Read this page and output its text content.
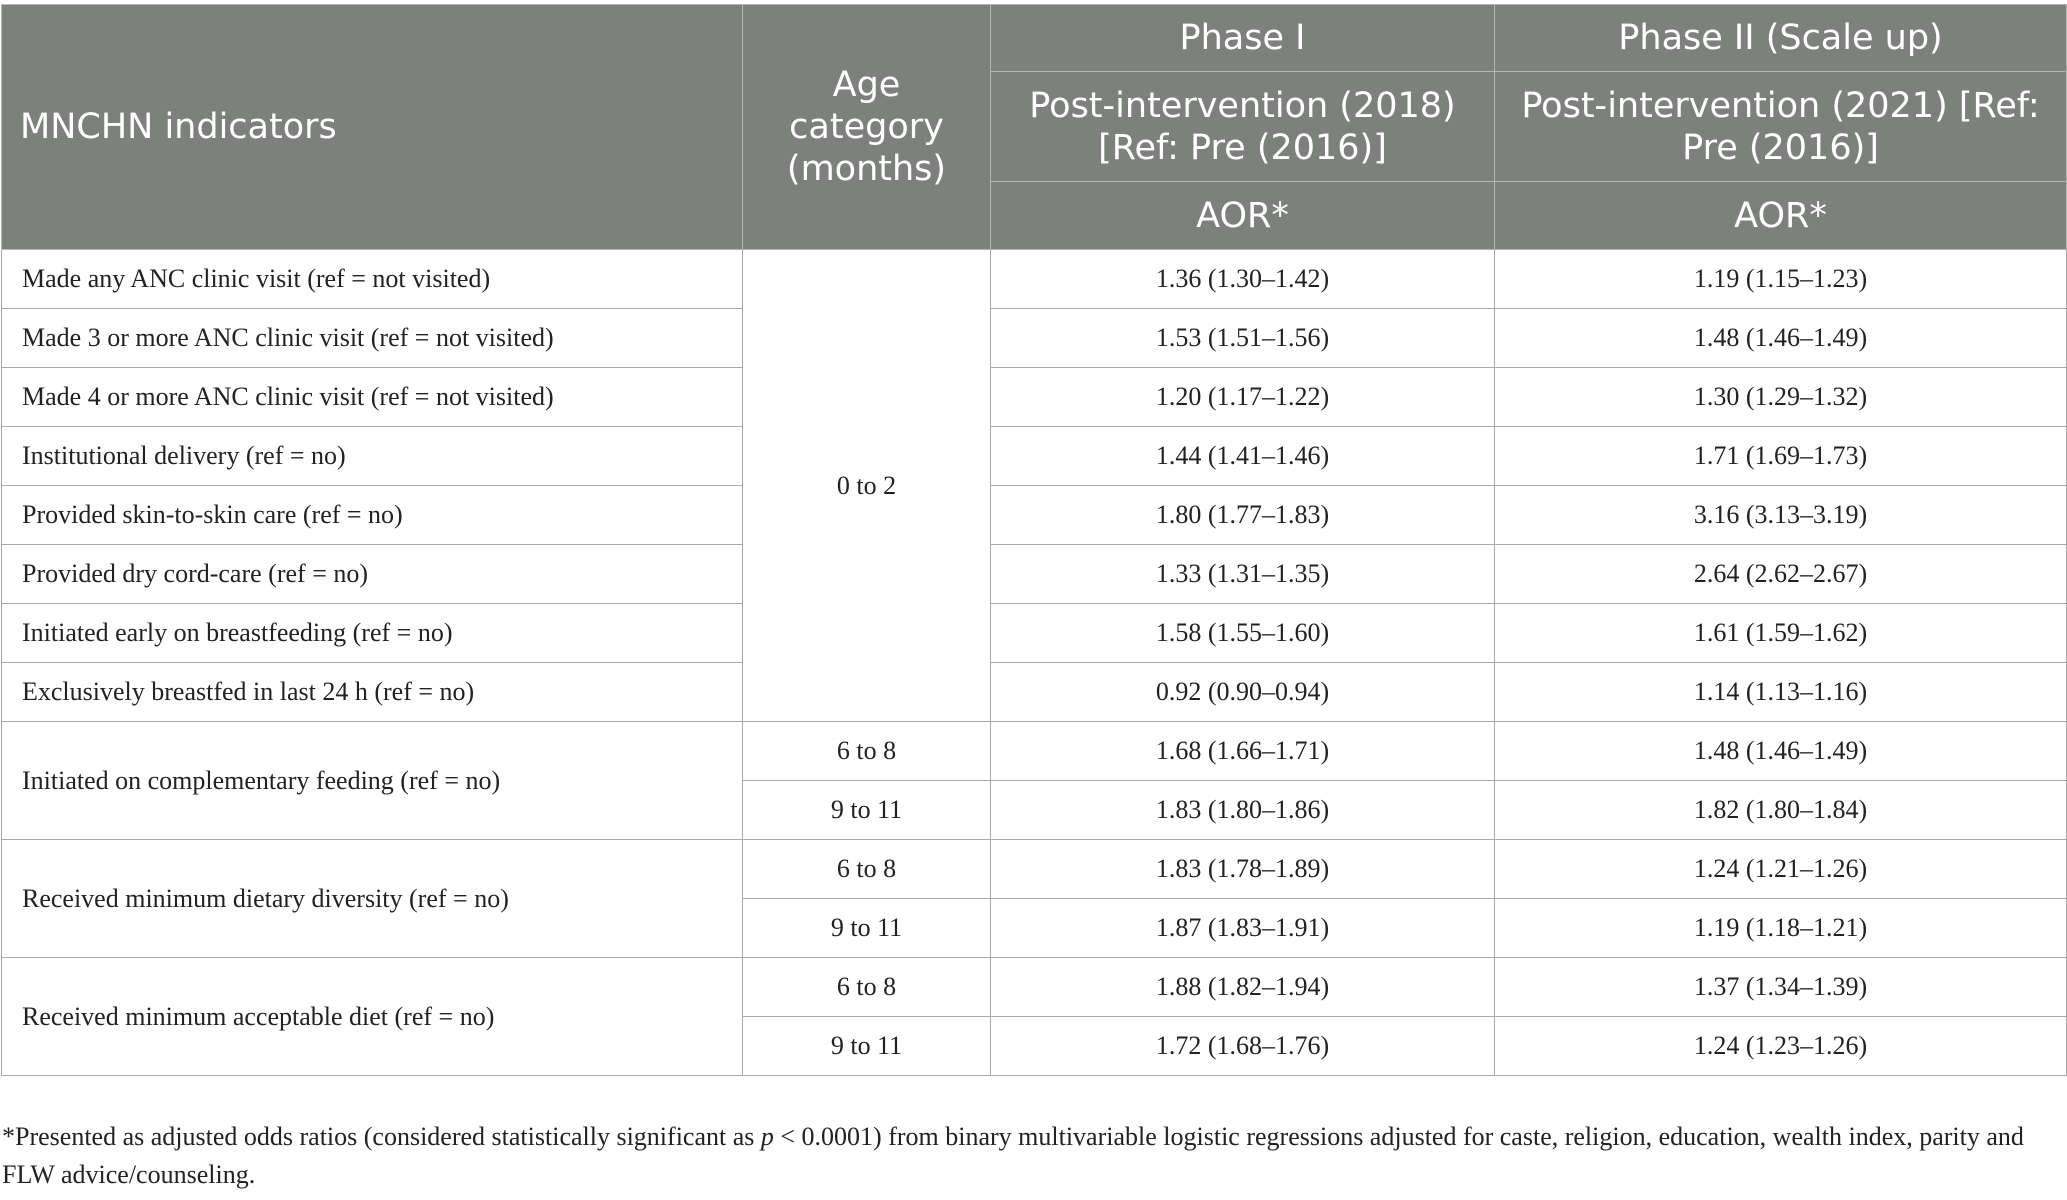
MNCHN indicators	Age category (months)	Phase I	Phase II (Scale up)
		Post-intervention (2018) [Ref: Pre (2016)]	Post-intervention (2021) [Ref: Pre (2016)]
		AOR*	AOR*
Made any ANC clinic visit (ref = not visited)	0 to 2	1.36 (1.30–1.42)	1.19 (1.15–1.23)
Made 3 or more ANC clinic visit (ref = not visited)		1.53 (1.51–1.56)	1.48 (1.46–1.49)
Made 4 or more ANC clinic visit (ref = not visited)		1.20 (1.17–1.22)	1.30 (1.29–1.32)
Institutional delivery (ref = no)		1.44 (1.41–1.46)	1.71 (1.69–1.73)
Provided skin-to-skin care (ref = no)		1.80 (1.77–1.83)	3.16 (3.13–3.19)
Provided dry cord-care (ref = no)		1.33 (1.31–1.35)	2.64 (2.62–2.67)
Initiated early on breastfeeding (ref = no)		1.58 (1.55–1.60)	1.61 (1.59–1.62)
Exclusively breastfed in last 24 h (ref = no)		0.92 (0.90–0.94)	1.14 (1.13–1.16)
Initiated on complementary feeding (ref = no)	6 to 8	1.68 (1.66–1.71)	1.48 (1.46–1.49)
	9 to 11	1.83 (1.80–1.86)	1.82 (1.80–1.84)
Received minimum dietary diversity (ref = no)	6 to 8	1.83 (1.78–1.89)	1.24 (1.21–1.26)
	9 to 11	1.87 (1.83–1.91)	1.19 (1.18–1.21)
Received minimum acceptable diet (ref = no)	6 to 8	1.88 (1.82–1.94)	1.37 (1.34–1.39)
	9 to 11	1.72 (1.68–1.76)	1.24 (1.23–1.26)
*Presented as adjusted odds ratios (considered statistically significant as p < 0.0001) from binary multivariable logistic regressions adjusted for caste, religion, education, wealth index, parity and FLW advice/counseling.
